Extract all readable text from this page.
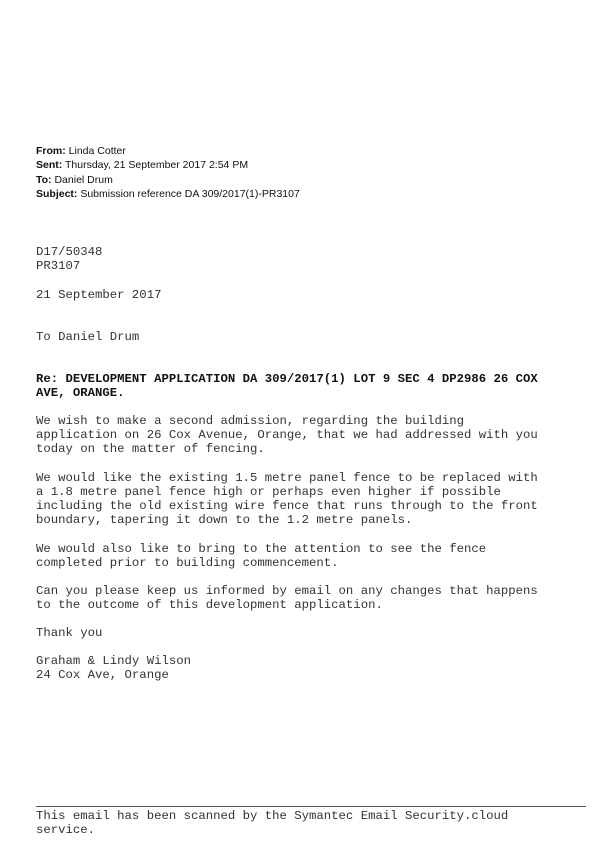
From: Linda Cotter
Sent: Thursday, 21 September 2017 2:54 PM
To: Daniel Drum
Subject: Submission reference DA 309/2017(1)-PR3107
D17/50348
PR3107
21 September 2017
To Daniel Drum
Re: DEVELOPMENT APPLICATION DA 309/2017(1) LOT 9 SEC 4 DP2986 26 COX
AVE, ORANGE.
We wish to make a second admission, regarding the building
application on 26 Cox Avenue, Orange, that we had addressed with you
today on the matter of fencing.
We would like the existing 1.5 metre panel fence to be replaced with
a 1.8 metre panel fence high or perhaps even higher if possible
including the old existing wire fence that runs through to the front
boundary, tapering it down to the 1.2 metre panels.
We would also like to bring to the attention to see the fence
completed prior to building commencement.
Can you please keep us informed by email on any changes that happens
to the outcome of this development application.
Thank you
Graham & Lindy Wilson
24 Cox Ave, Orange
This email has been scanned by the Symantec Email Security.cloud
service.
